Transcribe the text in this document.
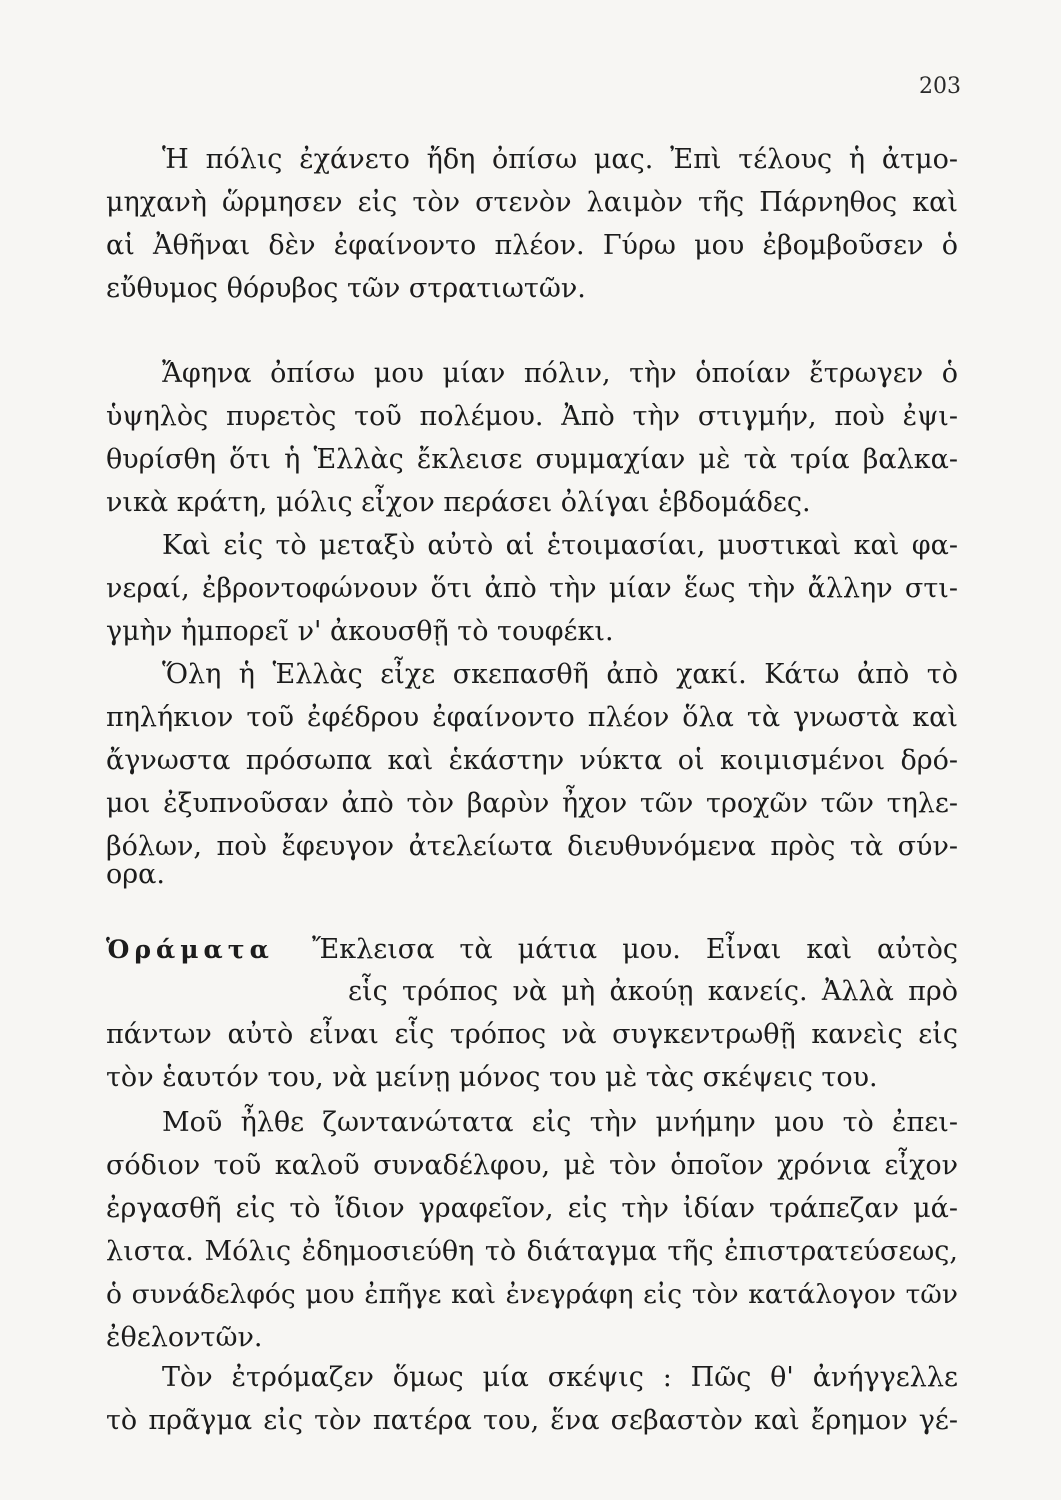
203
Ὁράματα
Ἡ πόλις ἐχάνετο ἤδη ὀπίσω μας. Ἐπὶ τέλους ἡ ἀτμο-
μηχανὴ ὥρμησεν εἰς τὸν στενὸν λαιμὸν τῆς Πάρνηθος καὶ
αἱ Ἀθῆναι δὲν ἐφαίνοντο πλέον. Γύρω μου ἐβομβοῦσεν ὁ
εὔθυμος θόρυβος τῶν στρατιωτῶν.
Ἄφηνα ὀπίσω μου μίαν πόλιν, τὴν ὁποίαν ἔτρωγεν ὁ
ὑψηλὸς πυρετὸς τοῦ πολέμου. Ἀπὸ τὴν στιγμήν, ποὺ ἐψι-
θυρίσθη ὅτι ἡ Ἑλλὰς ἔκλεισε συμμαχίαν μὲ τὰ τρία βαλκα-
νικὰ κράτη, μόλις εἶχον περάσει ὀλίγαι ἑβδομάδες.
Καὶ εἰς τὸ μεταξὺ αὐτὸ αἱ ἑτοιμασίαι, μυστικαὶ καὶ φα-
νεραί, ἐβροντοφώνουν ὅτι ἀπὸ τὴν μίαν ἕως τὴν ἄλλην στι-
γμὴν ἠμπορεῖ ν' ἀκουσθῇ τὸ τουφέκι.
Ὅλη ἡ Ἑλλὰς εἶχε σκεπασθῆ ἀπὸ χακί. Κάτω ἀπὸ τὸ
πηλήκιον τοῦ ἐφέδρου ἐφαίνοντο πλέον ὅλα τὰ γνωστὰ καὶ
ἄγνωστα πρόσωπα καὶ ἑκάστην νύκτα οἱ κοιμισμένοι δρό-
μοι ἐξυπνοῦσαν ἀπὸ τὸν βαρὺν ἦχον τῶν τροχῶν τῶν τηλε-
βόλων, ποὺ ἔφευγον ἀτελείωτα διευθυνόμενα πρὸς τὰ σύν-
ορα.
Ἔκλεισα τὰ μάτια μου. Εἶναι καὶ αὐτὸς
εἷς τρόπος νὰ μὴ ἀκούῃ κανείς. Ἀλλὰ πρὸ
πάντων αὐτὸ εἶναι εἷς τρόπος νὰ συγκεντρωθῇ κανεὶς εἰς
τὸν ἑαυτόν του, νὰ μείνῃ μόνος του μὲ τὰς σκέψεις του.
Μοῦ ἦλθε ζωντανώτατα εἰς τὴν μνήμην μου τὸ ἐπει-
σόδιον τοῦ καλοῦ συναδέλφου, μὲ τὸν ὁποῖον χρόνια εἶχον
ἐργασθῆ εἰς τὸ ἴδιον γραφεῖον, εἰς τὴν ἰδίαν τράπεζαν μά-
λιστα. Μόλις ἐδημοσιεύθη τὸ διάταγμα τῆς ἐπιστρατεύσεως,
ὁ συνάδελφός μου ἐπῆγε καὶ ἐνεγράφη εἰς τὸν κατάλογον τῶν
ἐθελοντῶν.
Τὸν ἐτρόμαζεν ὅμως μία σκέψις : Πῶς θ' ἀνήγγελλε
τὸ πρᾶγμα εἰς τὸν πατέρα του, ἕνα σεβαστὸν καὶ ἔρημον γέ-
